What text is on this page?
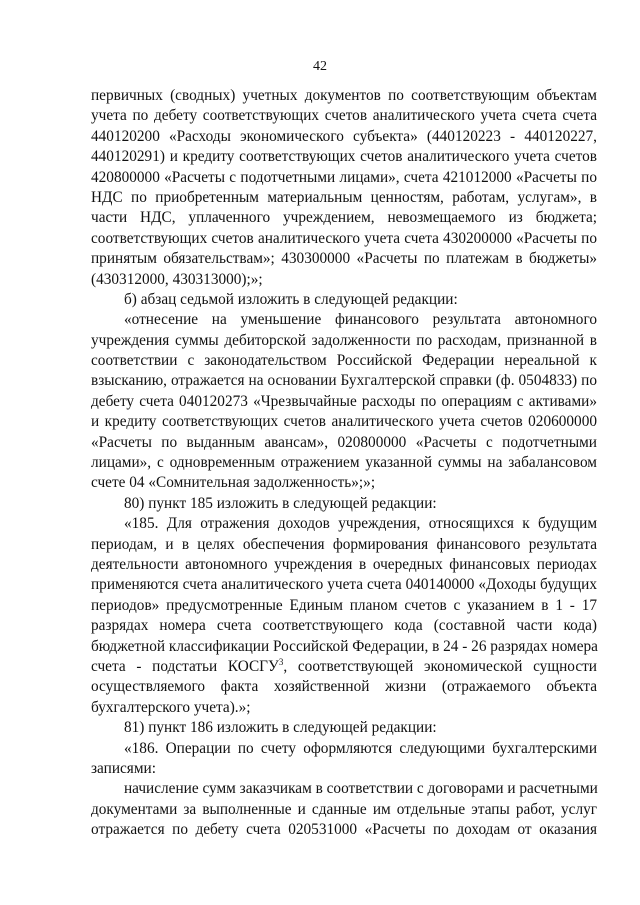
42
первичных (сводных) учетных документов по соответствующим объектам
учета по дебету соответствующих счетов аналитического учета счета счета
440120200 «Расходы экономического субъекта» (440120223 - 440120227,
440120291) и кредиту соответствующих счетов аналитического учета счетов
420800000 «Расчеты с подотчетными лицами», счета 421012000 «Расчеты по
НДС по приобретенным материальным ценностям, работам, услугам», в
части НДС, уплаченного учреждением, невозмещаемого из бюджета;
соответствующих счетов аналитического учета счета 430200000 «Расчеты по
принятым обязательствам»; 430300000 «Расчеты по платежам в бюджеты»
(430312000, 430313000);»;
б) абзац седьмой изложить в следующей редакции:
«отнесение на уменьшение финансового результата автономного
учреждения суммы дебиторской задолженности по расходам, признанной в
соответствии с законодательством Российской Федерации нереальной к
взысканию, отражается на основании Бухгалтерской справки (ф. 0504833) по
дебету счета 040120273 «Чрезвычайные расходы по операциям с активами»
и кредиту соответствующих счетов аналитического учета счетов 020600000
«Расчеты по выданным авансам», 020800000 «Расчеты с подотчетными
лицами», с одновременным отражением указанной суммы на забалансовом
счете 04 «Сомнительная задолженность»;»;
80) пункт 185 изложить в следующей редакции:
«185. Для отражения доходов учреждения, относящихся к будущим
периодам, и в целях обеспечения формирования финансового результата
деятельности автономного учреждения в очередных финансовых периодах
применяются счета аналитического учета счета 040140000 «Доходы будущих
периодов» предусмотренные Единым планом счетов с указанием в 1 - 17
разрядах номера счета соответствующего кода (составной части кода)
бюджетной классификации Российской Федерации, в 24 - 26 разрядах номера
счета - подстатьи КОСГУ$^3$, соответствующей экономической сущности
осуществляемого факта хозяйственной жизни (отражаемого объекта
бухгалтерского учета).»;
81) пункт 186 изложить в следующей редакции:
«186. Операции по счету оформляются следующими бухгалтерскими
записями:
начисление сумм заказчикам в соответствии с договорами и расчетными
документами за выполненные и сданные им отдельные этапы работ, услуг
отражается по дебету счета 020531000 «Расчеты по доходам от оказания
